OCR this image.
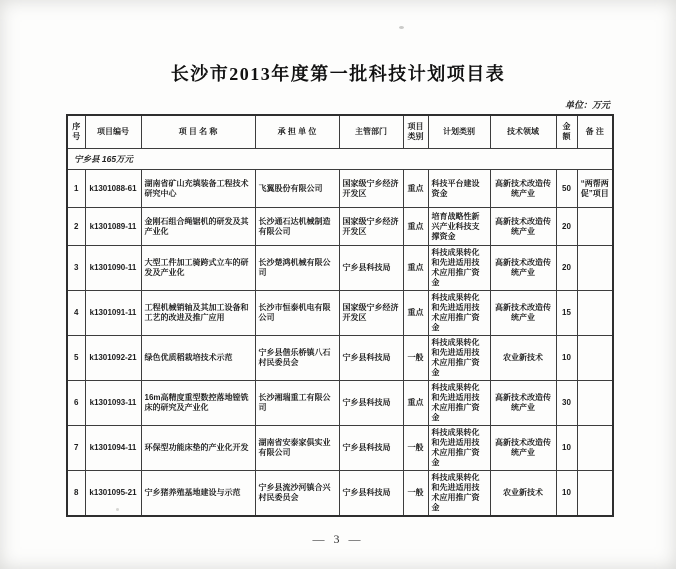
长沙市2013年度第一批科技计划项目表
单位：万元
序号	项目编号	项 目 名 称	承 担 单 位	主管部门	项目类别	计划类别	技术领域	金额	备 注
宁乡县 165万元									
1	k1301088-61	湖南省矿山充填装备工程技术研究中心	飞翼股份有限公司	国家级宁乡经济开发区	重点	科技平台建设资金	高新技术改造传统产业	50	“两帮两促”项目
2	k1301089-11	金刚石组合绳锯机的研发及其产业化	长沙通石达机械制造有限公司	国家级宁乡经济开发区	重点	培育战略性新兴产业科技支撑资金	高新技术改造传统产业	20	
3	k1301090-11	大型工件加工骑跨式立车的研发及产业化	长沙楚鸿机械有限公司	宁乡县科技局	重点	科技成果转化和先进适用技术应用推广资金	高新技术改造传统产业	20	
4	k1301091-11	工程机械销轴及其加工设备和工艺的改进及推广应用	长沙市恒泰机电有限公司	国家级宁乡经济开发区	重点	科技成果转化和先进适用技术应用推广资金	高新技术改造传统产业	15	
5	k1301092-21	绿色优质稻栽培技术示范	宁乡县偕乐桥镇八石村民委员会	宁乡县科技局	一般	科技成果转化和先进适用技术应用推广资金	农业新技术	10	
6	k1301093-11	16m高精度重型数控落地镗铣床的研究及产业化	长沙湘瑞重工有限公司	宁乡县科技局	重点	科技成果转化和先进适用技术应用推广资金	高新技术改造传统产业	30	
7	k1301094-11	环保型功能床垫的产业化开发	湖南省安泰家俱实业有限公司	宁乡县科技局	一般	科技成果转化和先进适用技术应用推广资金	高新技术改造传统产业	10	
8	k1301095-21	宁乡猪养殖基地建设与示范	宁乡县流沙河镇合兴村民委员会	宁乡县科技局	一般	科技成果转化和先进适用技术应用推广资金	农业新技术	10	
— 3 —
